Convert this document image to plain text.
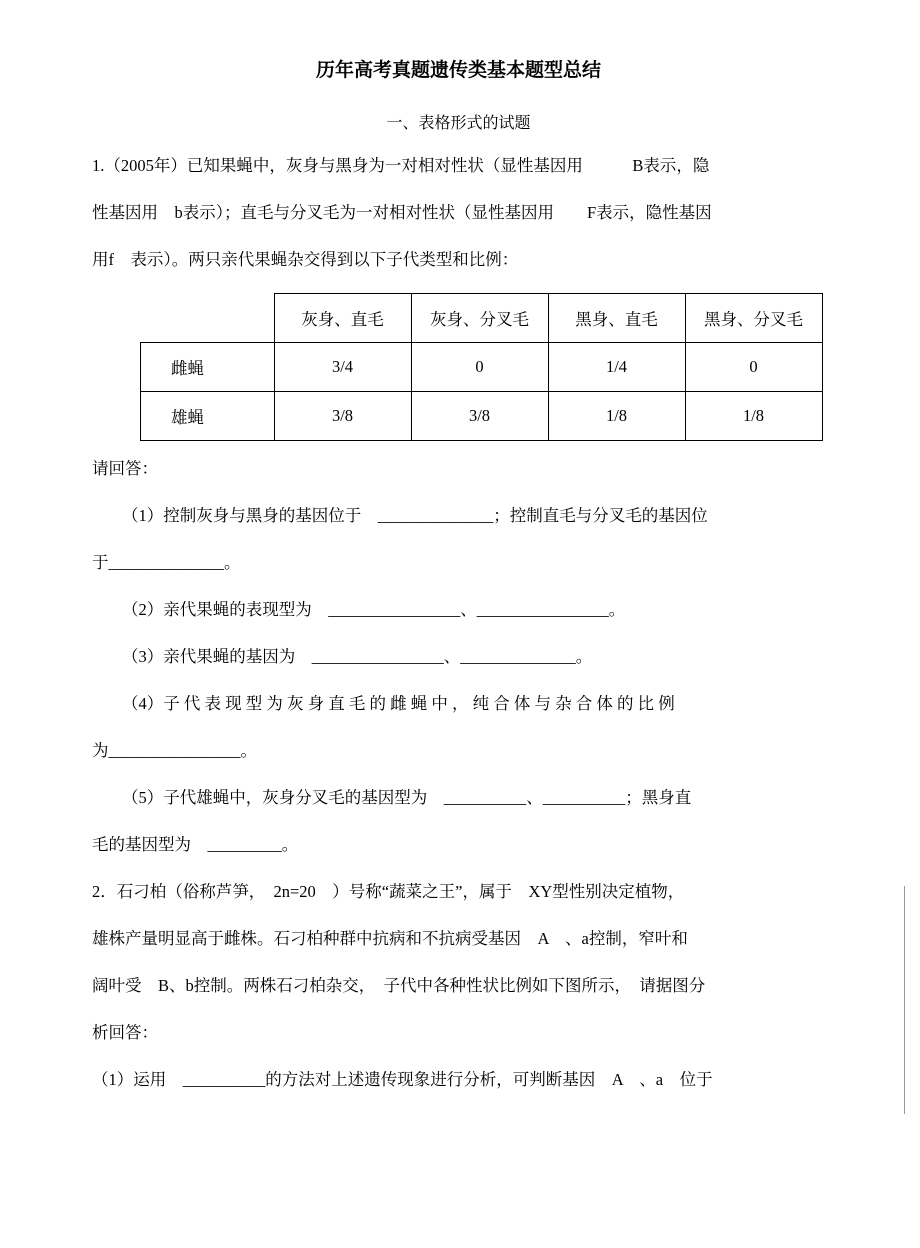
历年高考真题遗传类基本题型总结
一、表格形式的试题

1.（2005年）已知果蝇中，灰身与黑身为一对相对性状（显性基因用　　　B表示，隐

性基因用　b表示）；直毛与分叉毛为一对相对性状（显性基因用　　F表示，隐性基因

用f　表示）。两只亲代果蝇杂交得到以下子代类型和比例：

	灰身、直毛	灰身、分叉毛	黑身、直毛	黑身、分叉毛
雌蝇	3/4	0	1/4	0
雄蝇	3/8	3/8	1/8	1/8

请回答：

（1）控制灰身与黑身的基因位于　______________；控制直毛与分叉毛的基因位

于______________。

（2）亲代果蝇的表现型为　________________、________________。

（3）亲代果蝇的基因为　________________、______________。

（4）子 代 表 现 型 为 灰 身 直 毛 的 雌 蝇 中 ， 纯 合 体 与 杂 合 体 的 比 例

为________________。

（5）子代雄蝇中，灰身分叉毛的基因型为　__________、__________；黑身直

毛的基因型为　_________。

2．石刁柏（俗称芦笋，　2n=20　）号称“蔬菜之王”，属于　XY型性别决定植物，

雄株产量明显高于雌株。石刁柏种群中抗病和不抗病受基因　A　、a控制，窄叶和

阔叶受　B、b控制。两株石刁柏杂交，　子代中各种性状比例如下图所示，　请据图分

析回答：

（1）运用　__________的方法对上述遗传现象进行分析，可判断基因　A　、a　位于
